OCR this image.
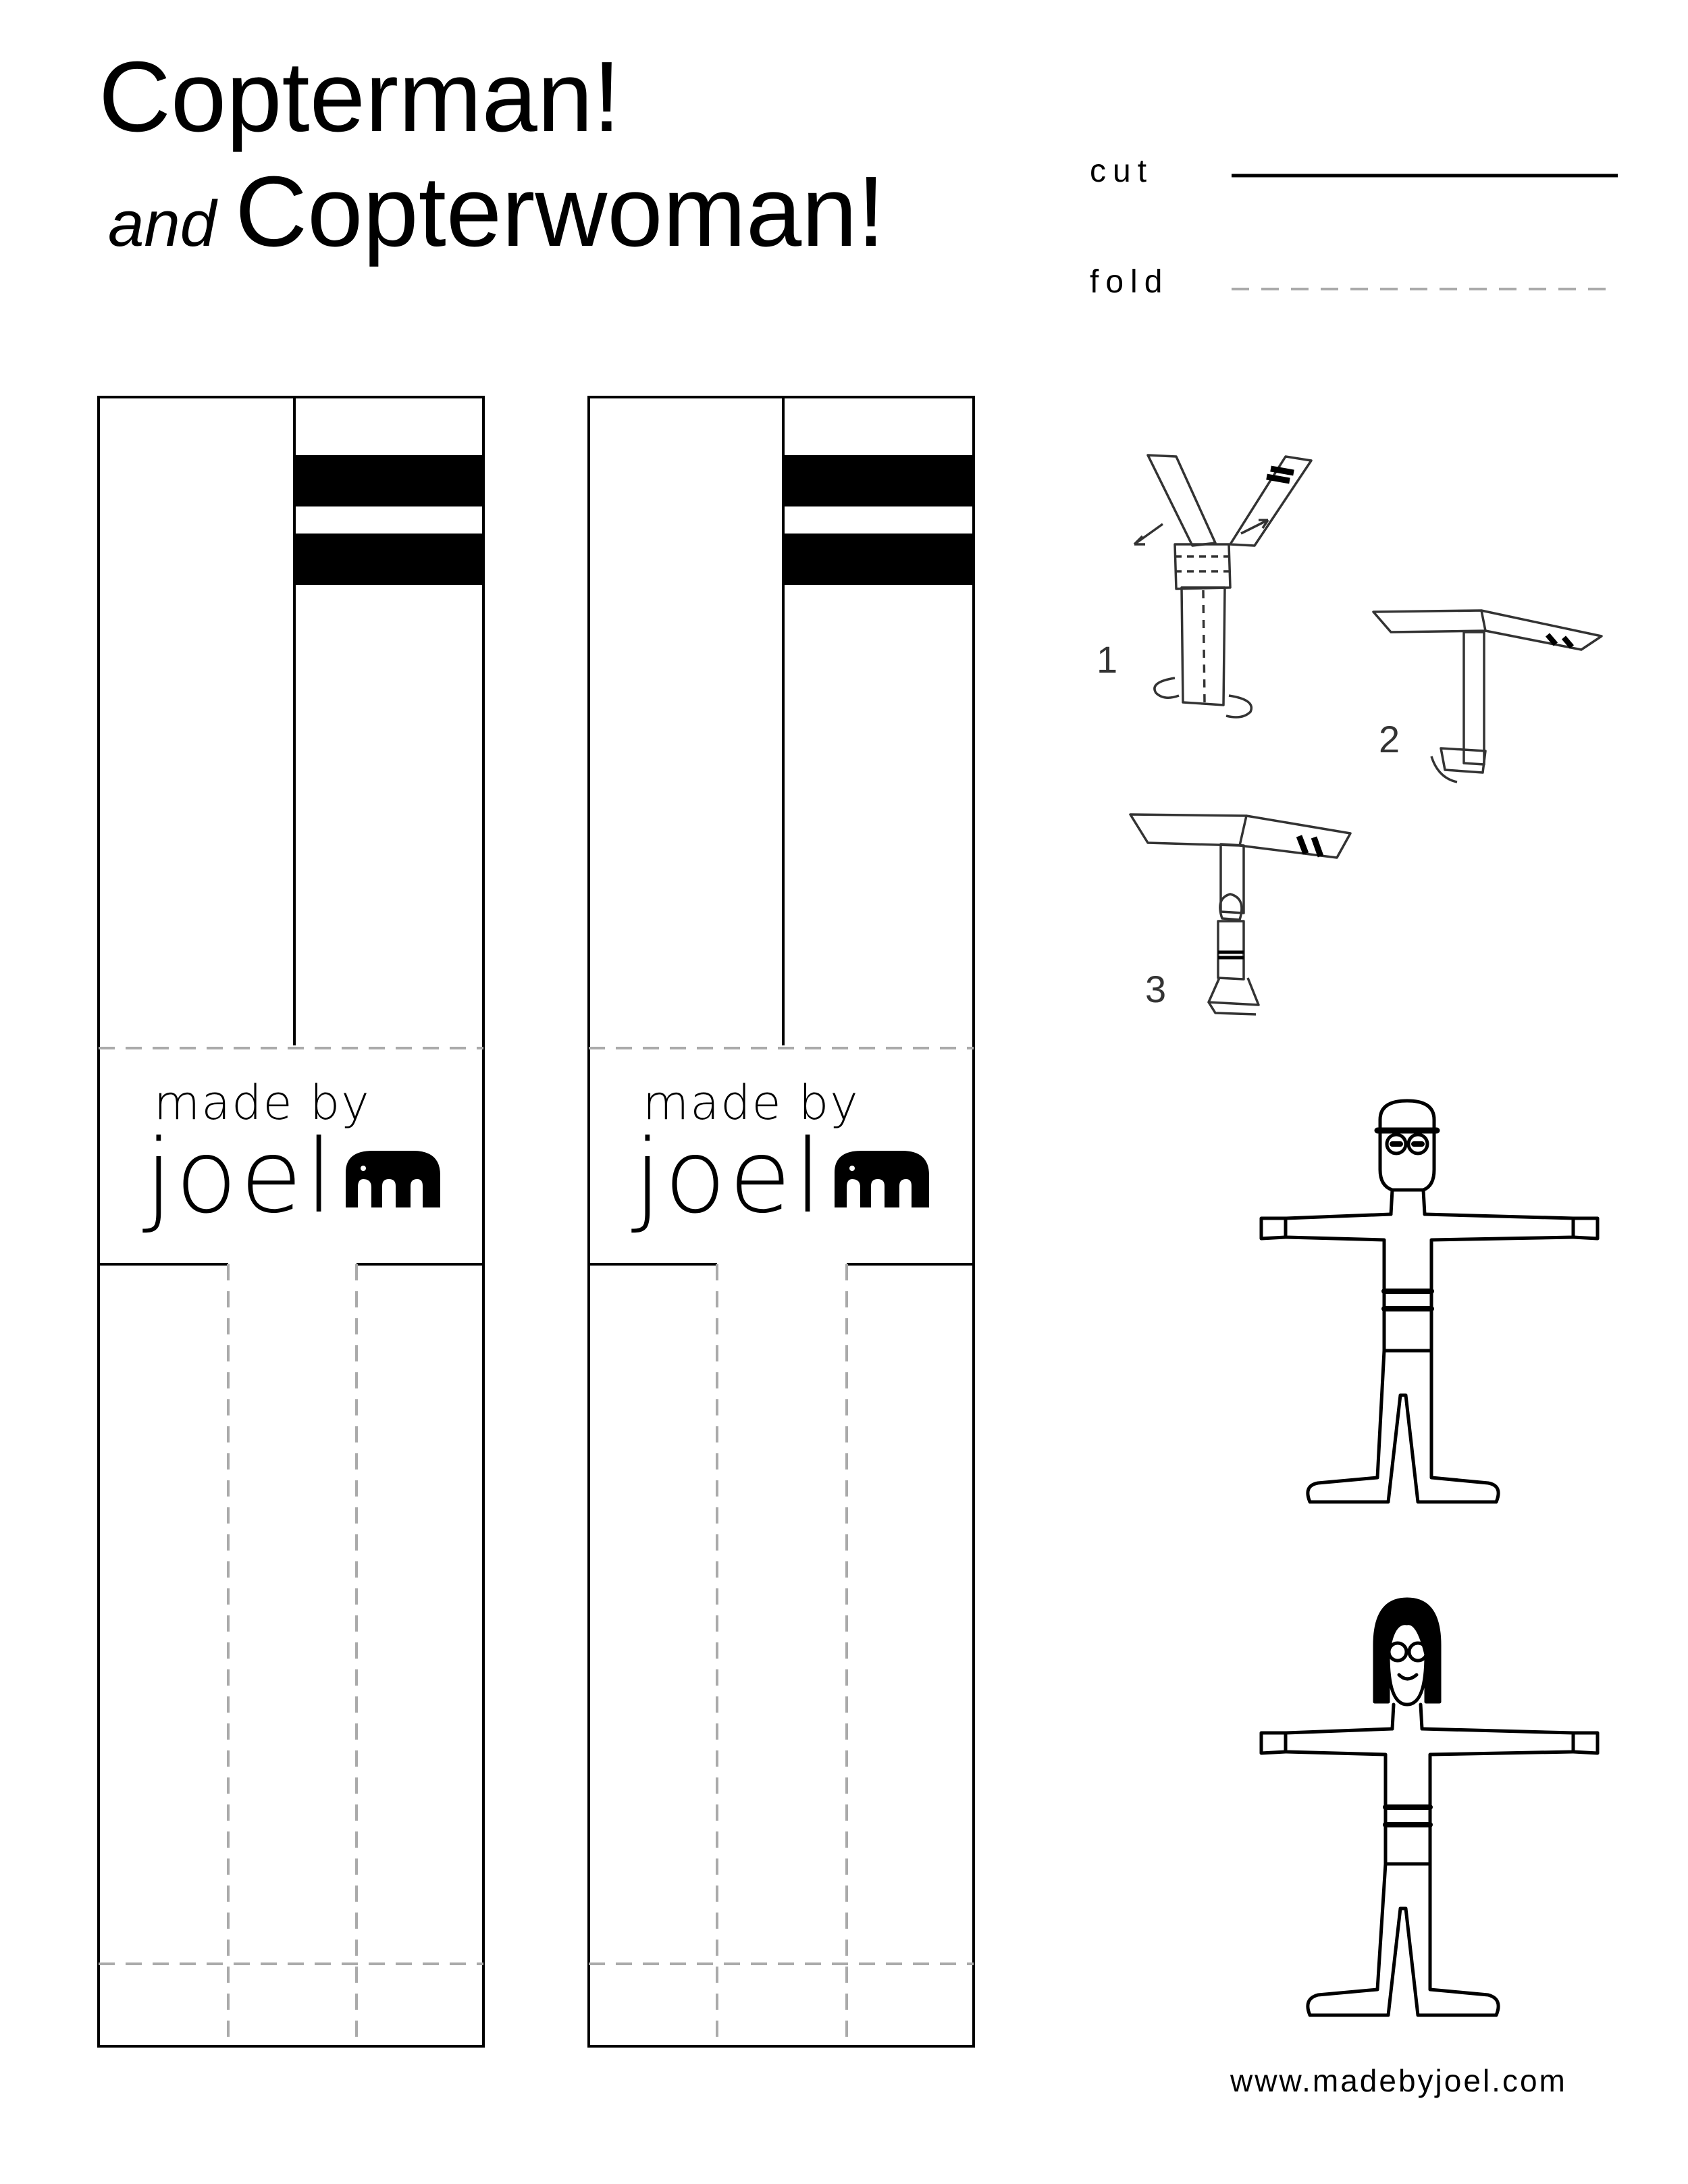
Copterman!
and Copterwoman!	cut
fold
made by
joel
made by
joel
1
2
3
www.madebyjoel.com
